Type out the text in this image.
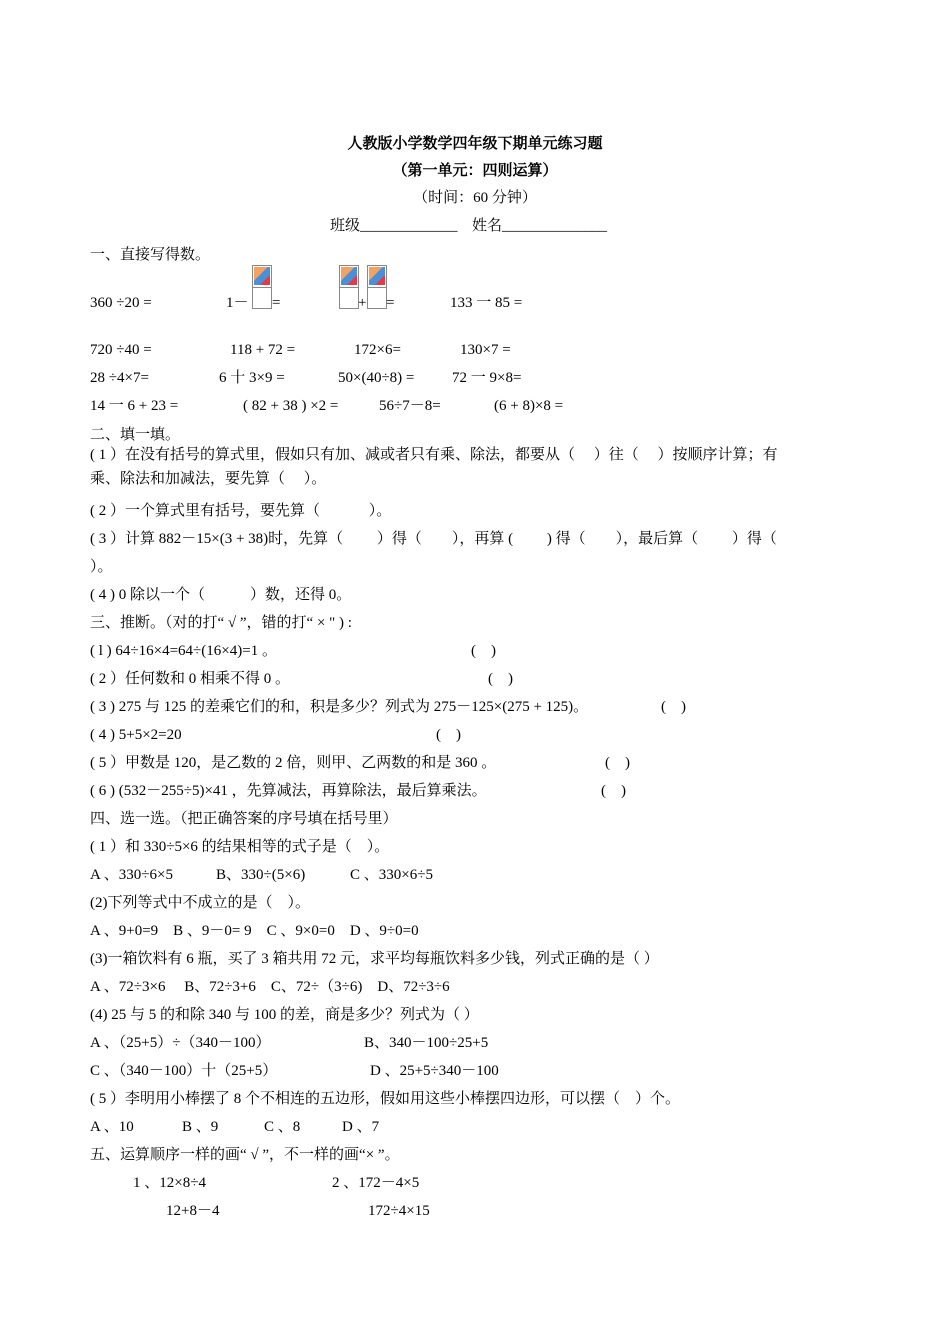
人教版小学数学四年级下期单元练习题
（第一单元：四则运算）
（时间：60 分钟）
班级_____________ 姓名______________
一、直接写得数。
360 ÷20 =	1－ =	+ =	133 一 85 =
720 ÷40 =	118 + 72 =	172×6=	130×7 =
28 ÷4×7=	6 十 3×9 =	50×(40÷8) =	72 一 9×8=
14 一 6 + 23 =	( 82 + 38 ) ×2 =	56÷7－8=	(6 + 8)×8 =
二、填一填。
( 1 ）在没有括号的算式里，假如只有加、减或者只有乘、除法，都要从（　 ）往（　 ）按顺序计算；有
乘、除法和加减法，要先算（　 ）。
( 2 ）一个算式里有括号，要先算（　　　 ）。
( 3 ）计算 882－15×(3 + 38)时，先算（　　 ）得（　　），再算 (　　 ) 得（　　），最后算（　　 ）得（
）。
( 4 ) 0 除以一个（　　　）数，还得 0。
三、推断。（对的打“ √ ”，错的打“ × " ) :
( l ) 64÷16×4=64÷(16×4)=1 。	(　)
( 2 ）任何数和 0 相乘不得 0 。	(　)
( 3 ) 275 与 125 的差乘它们的和，积是多少？列式为 275－125×(275 + 125)。	(　)
( 4 ) 5+5×2=20	(　)
( 5 ）甲数是 120，是乙数的 2 倍，则甲、乙两数的和是 360 。	(　)
( 6 ) (532－255÷5)×41 ，先算减法，再算除法，最后算乘法。	(　)
四、选一选。（把正确答案的序号填在括号里）
( 1 ）和 330÷5×6 的结果相等的式子是（　）。
A 、330÷6×5	B、330÷(5×6)	C 、330×6÷5
(2)下列等式中不成立的是（　）。
A 、9+0=9　B 、9－0= 9　C 、9×0=0　D 、9÷0=0
(3)一箱饮料有 6 瓶，买了 3 箱共用 72 元，求平均每瓶饮料多少钱，列式正确的是（ ）
A 、72÷3×6　 B、72÷3+6　C、72÷（3÷6)　D、72÷3÷6
(4) 25 与 5 的和除 340 与 100 的差，商是多少？列式为（ ）
A 、（25+5）÷（340－100）	B、340－100÷25+5
C 、（340－100）十（25+5）	D 、25+5÷340－100
( 5 ）李明用小棒摆了 8 个不相连的五边形，假如用这些小棒摆四边形，可以摆（　）个。
A 、10	B 、9	C 、8	D 、7
五、运算顺序一样的画“ √ ”，不一样的画“× ”。
1 、12×8÷4	2 、172－4×5
12+8－4	172÷4×15
